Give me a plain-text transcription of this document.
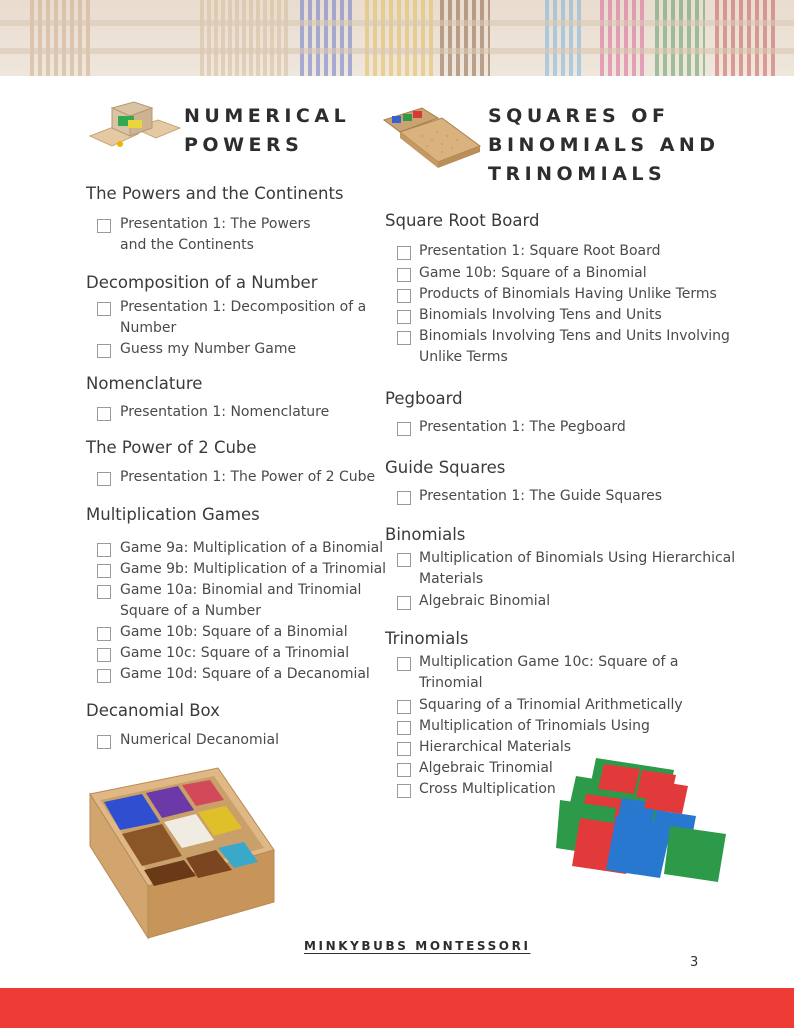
NUMERICAL
POWERS
SQUARES OF
BINOMIALS AND
TRINOMIALS
The Powers and the Continents
Presentation 1: The Powers
and the Continents
Decomposition of a Number
Presentation 1: Decomposition of a
Number
Guess my Number Game
Nomenclature
Presentation 1: Nomenclature
The Power of 2 Cube
Presentation 1: The Power of 2 Cube
Multiplication Games
Game 9a: Multiplication of a Binomial
Game 9b: Multiplication of a Trinomial
Game 10a: Binomial and Trinomial
Square of a Number
Game 10b: Square of a Binomial
Game 10c: Square of a Trinomial
Game 10d: Square of a Decanomial
Decanomial Box
Numerical Decanomial
Square Root Board
Presentation 1: Square Root Board
Game 10b: Square of a Binomial
Products of Binomials Having Unlike Terms
Binomials Involving Tens and Units
Binomials Involving Tens and Units Involving
Unlike Terms
Pegboard
Presentation 1: The Pegboard
Guide Squares
Presentation 1: The Guide Squares
Binomials
Multiplication of Binomials Using Hierarchical
Materials
Algebraic Binomial
Trinomials
Multiplication Game 10c: Square of a
Trinomial
Squaring of a Trinomial Arithmetically
Multiplication of Trinomials Using
Hierarchical Materials
Algebraic Trinomial
Cross Multiplication
MINKYBUBS MONTESSORI
3
